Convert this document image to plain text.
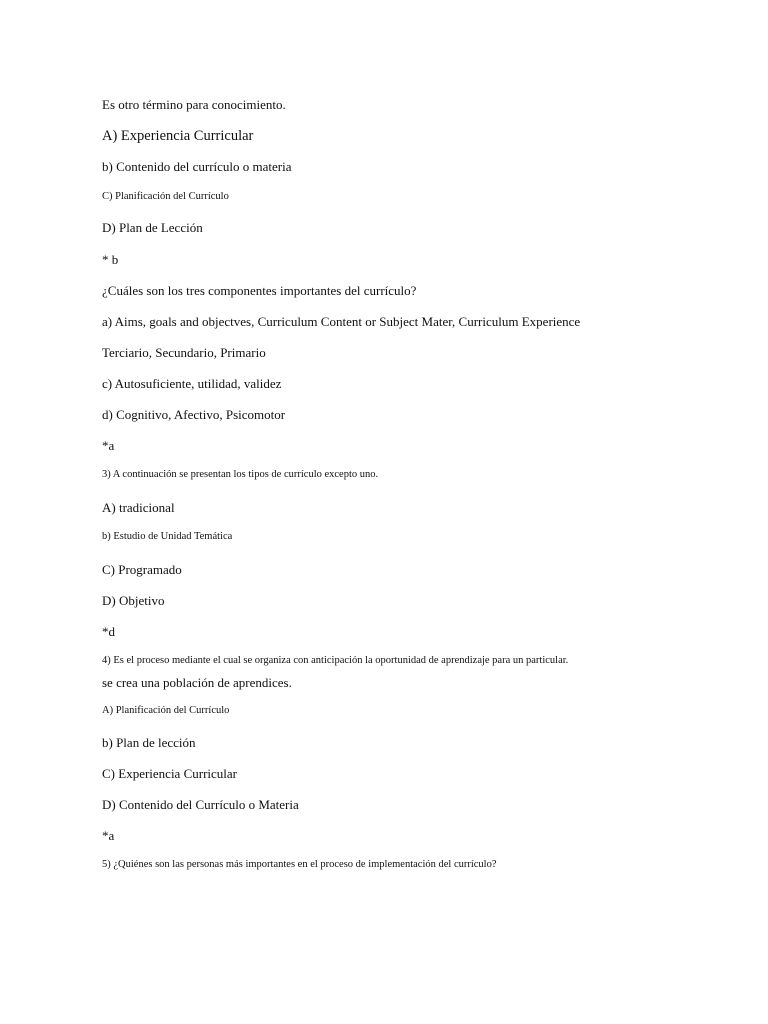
Es otro término para conocimiento.
A) Experiencia Curricular
b) Contenido del currículo o materia
C) Planificación del Currículo
D) Plan de Lección
* b
¿Cuáles son los tres componentes importantes del currículo?
a) Aims, goals and objectves, Curriculum Content or Subject Mater, Curriculum Experience
Terciario, Secundario, Primario
c) Autosuficiente, utilidad, validez
d) Cognitivo, Afectivo, Psicomotor
*a
3) A continuación se presentan los tipos de currículo excepto uno.
A) tradicional
b) Estudio de Unidad Temática
C) Programado
D) Objetivo
*d
4) Es el proceso mediante el cual se organiza con anticipación la oportunidad de aprendizaje para un particular.
se crea una población de aprendices.
A) Planificación del Currículo
b) Plan de lección
C) Experiencia Curricular
D) Contenido del Currículo o Materia
*a
5) ¿Quiénes son las personas más importantes en el proceso de implementación del currículo?
